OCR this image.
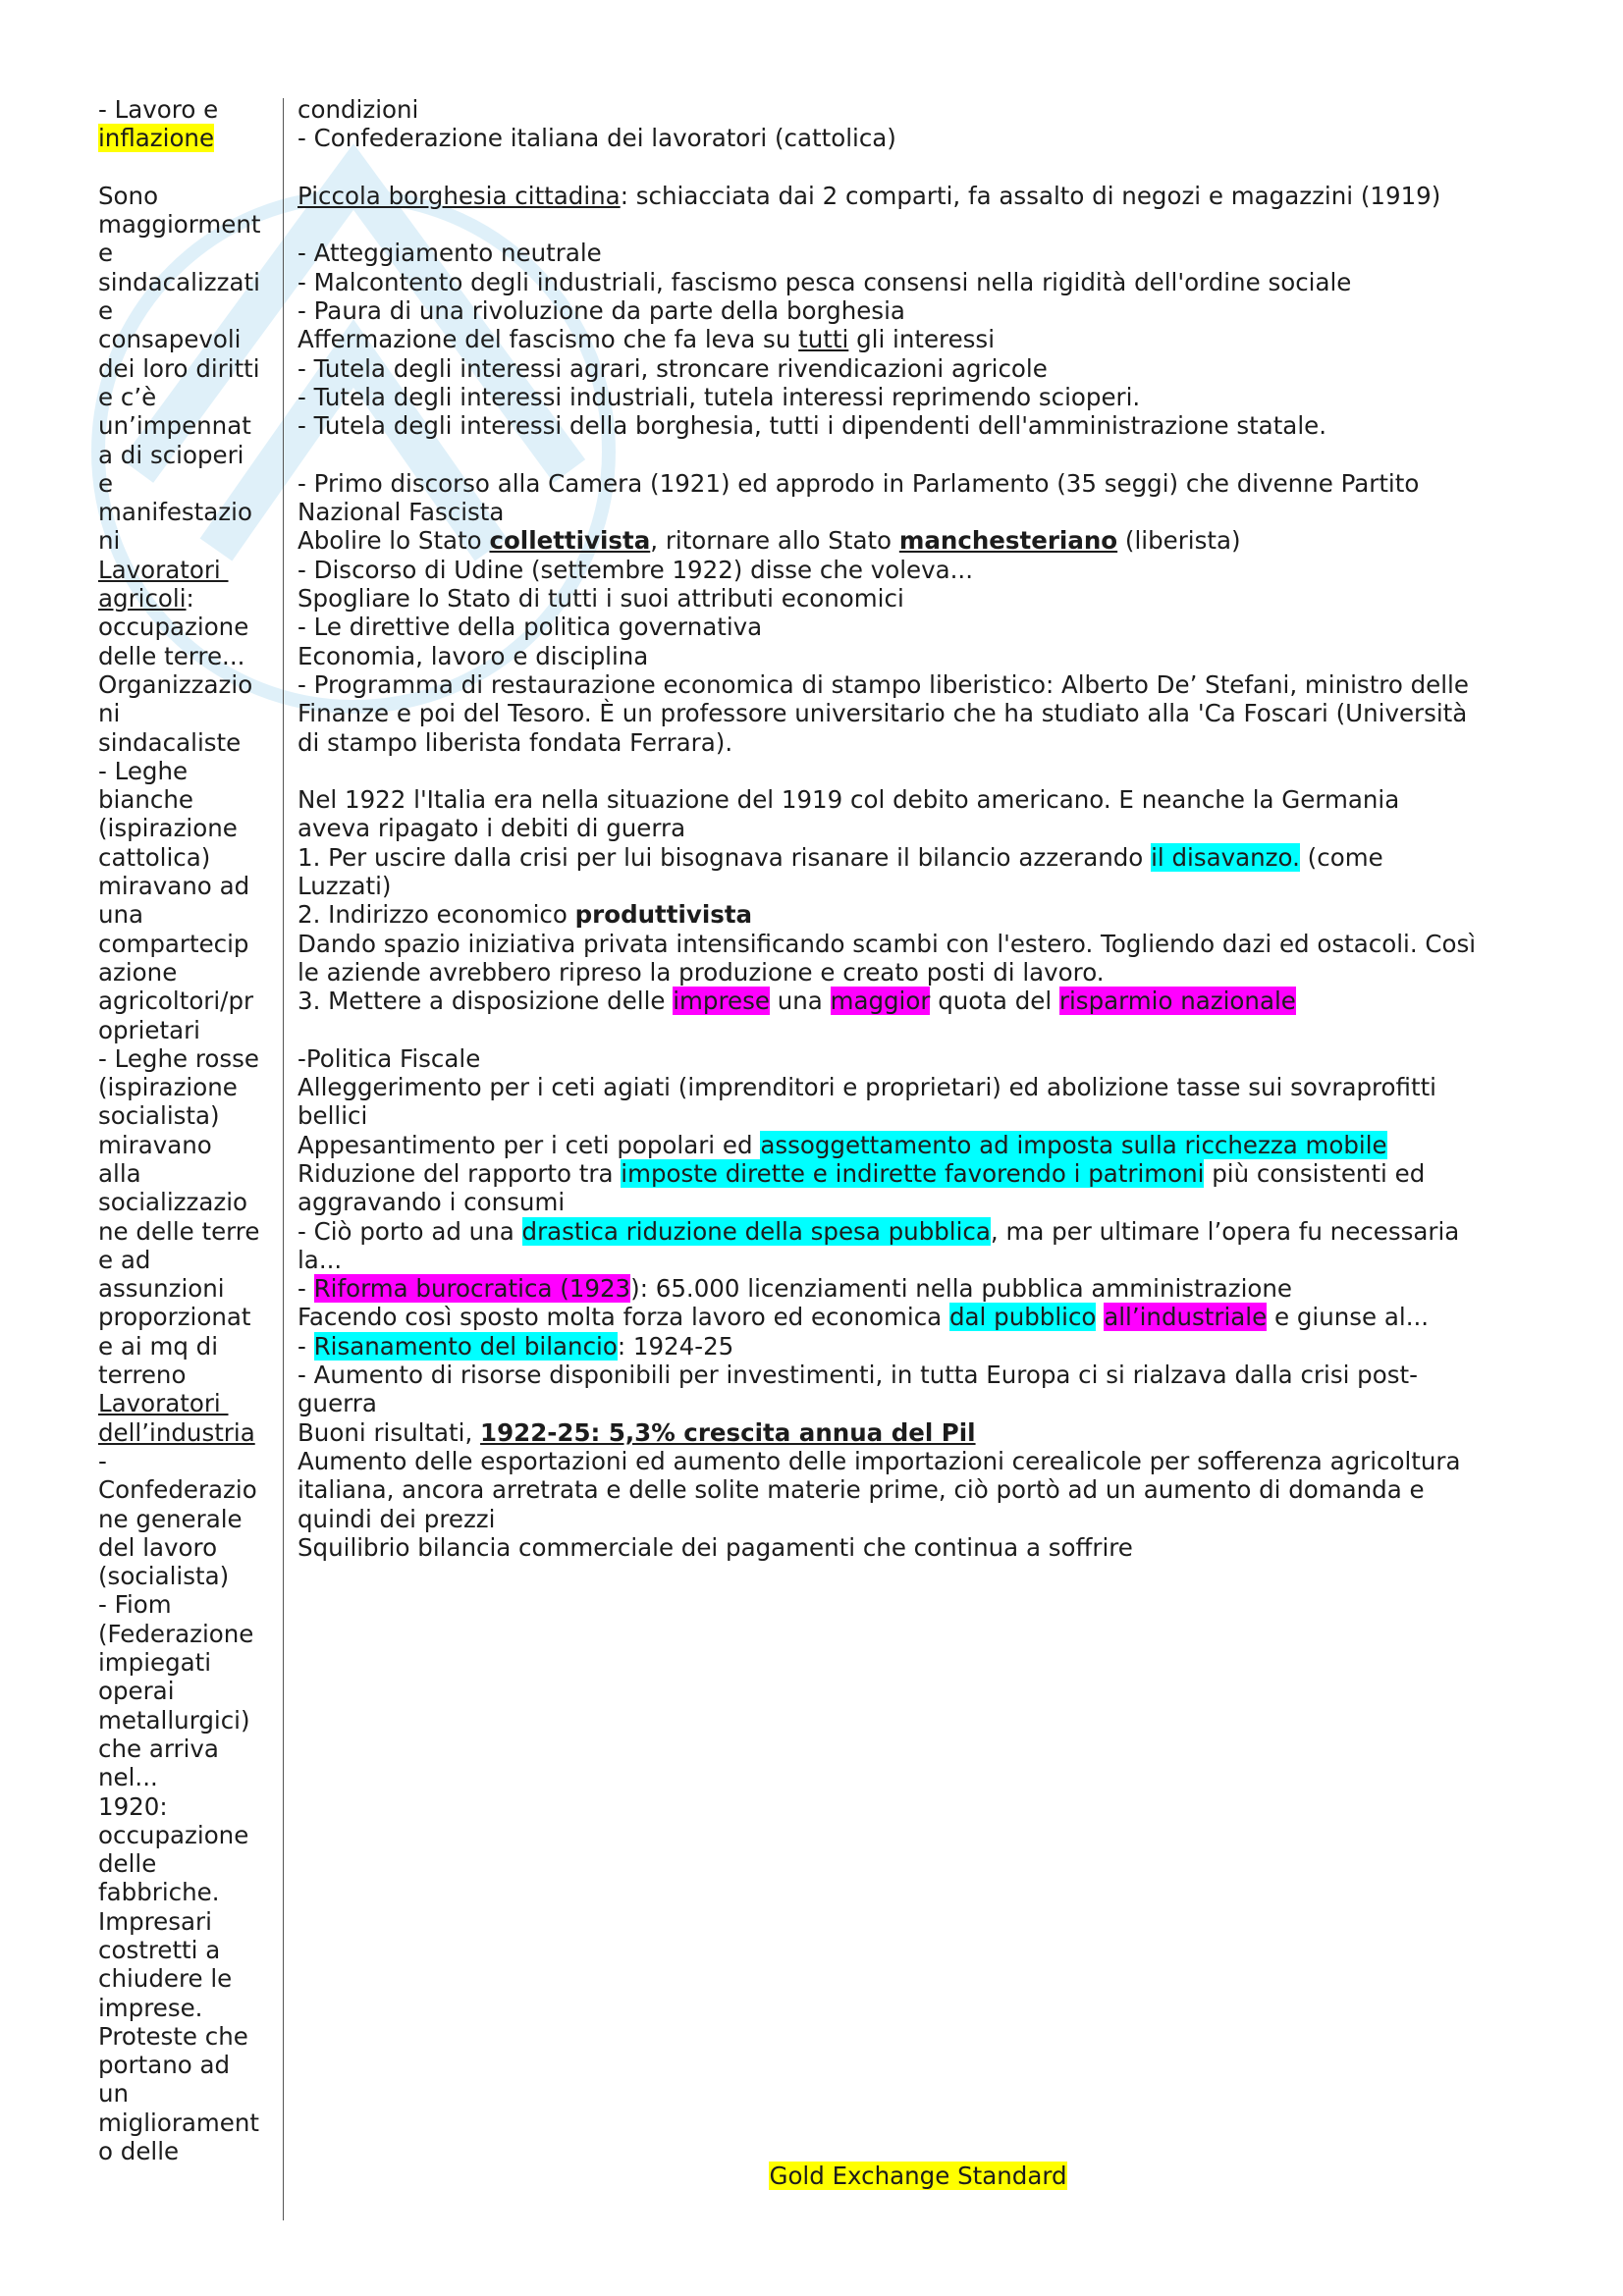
- Lavoro e
inflazione
Sono
maggiorment
e
sindacalizzati
e
consapevoli
dei loro diritti
e c’è
un’impennat
a di scioperi
e
manifestazio
ni
Lavoratori
agricoli:
occupazione
delle terre...
Organizzazio
ni
sindacaliste
- Leghe
bianche
(ispirazione
cattolica)
miravano ad
una
compartecip
azione
agricoltori/pr
oprietari
- Leghe rosse
(ispirazione
socialista)
miravano
alla
socializzazio
ne delle terre
e ad
assunzioni
proporzionat
e ai mq di
terreno
Lavoratori
dell’industria
-
Confederazio
ne generale
del lavoro
(socialista)
- Fiom
(Federazione
impiegati
operai
metallurgici)
che arriva
nel...
1920:
occupazione
delle
fabbriche.
Impresari
costretti a
chiudere le
imprese.
Proteste che
portano ad
un
migliorament
o delle
condizioni
- Confederazione italiana dei lavoratori (cattolica)
Piccola borghesia cittadina: schiacciata dai 2 comparti, fa assalto di negozi e magazzini (1919)
- Atteggiamento neutrale
- Malcontento degli industriali, fascismo pesca consensi nella rigidità dell'ordine sociale
- Paura di una rivoluzione da parte della borghesia
Affermazione del fascismo che fa leva su tutti gli interessi
- Tutela degli interessi agrari, stroncare rivendicazioni agricole
- Tutela degli interessi industriali, tutela interessi reprimendo scioperi.
- Tutela degli interessi della borghesia, tutti i dipendenti dell'amministrazione statale.
- Primo discorso alla Camera (1921) ed approdo in Parlamento (35 seggi) che divenne Partito
Nazional Fascista
Abolire lo Stato collettivista, ritornare allo Stato manchesteriano (liberista)
- Discorso di Udine (settembre 1922) disse che voleva...
Spogliare lo Stato di tutti i suoi attributi economici
- Le direttive della politica governativa
Economia, lavoro e disciplina
- Programma di restaurazione economica di stampo liberistico: Alberto De’ Stefani, ministro delle
Finanze e poi del Tesoro. È un professore universitario che ha studiato alla 'Ca Foscari (Università
di stampo liberista fondata Ferrara).
Nel 1922 l'Italia era nella situazione del 1919 col debito americano. E neanche la Germania
aveva ripagato i debiti di guerra
1. Per uscire dalla crisi per lui bisognava risanare il bilancio azzerando il disavanzo. (come
Luzzati)
2. Indirizzo economico produttivista
Dando spazio iniziativa privata intensificando scambi con l'estero. Togliendo dazi ed ostacoli. Così
le aziende avrebbero ripreso la produzione e creato posti di lavoro.
3. Mettere a disposizione delle imprese una maggior quota del risparmio nazionale
-Politica Fiscale
Alleggerimento per i ceti agiati (imprenditori e proprietari) ed abolizione tasse sui sovraprofitti
bellici
Appesantimento per i ceti popolari ed assoggettamento ad imposta sulla ricchezza mobile
Riduzione del rapporto tra imposte dirette e indirette favorendo i patrimoni più consistenti ed
aggravando i consumi
- Ciò porto ad una drastica riduzione della spesa pubblica, ma per ultimare l’opera fu necessaria
la...
- Riforma burocratica (1923): 65.000 licenziamenti nella pubblica amministrazione
Facendo così sposto molta forza lavoro ed economica dal pubblico all’industriale e giunse al...
- Risanamento del bilancio: 1924-25
- Aumento di risorse disponibili per investimenti, in tutta Europa ci si rialzava dalla crisi post-
guerra
Buoni risultati, 1922-25: 5,3% crescita annua del Pil
Aumento delle esportazioni ed aumento delle importazioni cerealicole per sofferenza agricoltura
italiana, ancora arretrata e delle solite materie prime, ciò portò ad un aumento di domanda e
quindi dei prezzi
Squilibrio bilancia commerciale dei pagamenti che continua a soffrire
Gold Exchange Standard
